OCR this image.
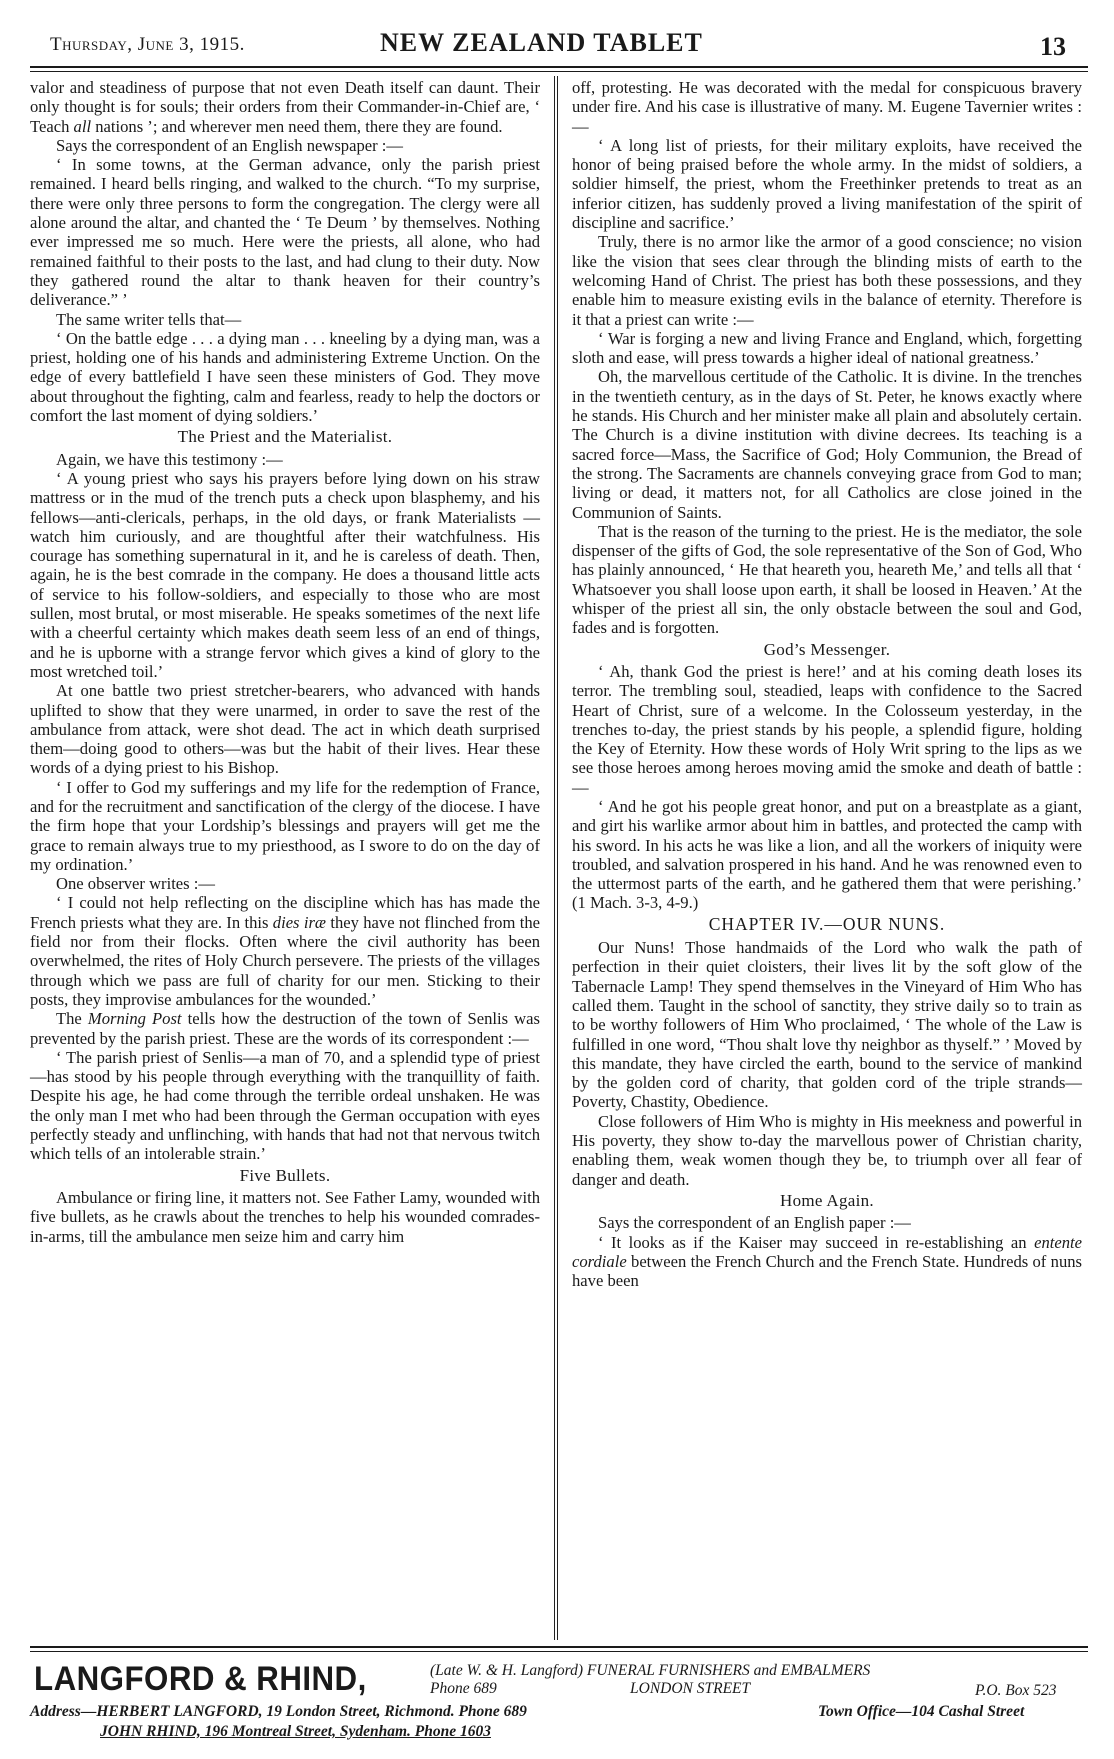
Thursday, June 3, 1915.	NEW ZEALAND TABLET	13

valor and steadiness of purpose that not even Death itself can daunt. Their only thought is for souls; their orders from their Commander-in-Chief are, ‘ Teach all nations ’; and wherever men need them, there they are found.

Says the correspondent of an English newspaper :—

‘ In some towns, at the German advance, only the parish priest remained. I heard bells ringing, and walked to the church. “To my surprise, there were only three persons to form the congregation. The clergy were all alone around the altar, and chanted the ‘ Te Deum ’ by themselves. Nothing ever impressed me so much. Here were the priests, all alone, who had remained faithful to their posts to the last, and had clung to their duty. Now they gathered round the altar to thank heaven for their country’s deliverance.” ’

The same writer tells that—

‘ On the battle edge . . . a dying man . . . kneeling by a dying man, was a priest, holding one of his hands and administering Extreme Unction. On the edge of every battlefield I have seen these ministers of God. They move about throughout the fighting, calm and fearless, ready to help the doctors or comfort the last moment of dying soldiers.’

The Priest and the Materialist.

Again, we have this testimony :—

‘ A young priest who says his prayers before lying down on his straw mattress or in the mud of the trench puts a check upon blasphemy, and his fellows—anti-clericals, perhaps, in the old days, or frank Materialists —watch him curiously, and are thoughtful after their watchfulness. His courage has something supernatural in it, and he is careless of death. Then, again, he is the best comrade in the company. He does a thousand little acts of service to his follow-soldiers, and especially to those who are most sullen, most brutal, or most miserable. He speaks sometimes of the next life with a cheerful certainty which makes death seem less of an end of things, and he is upborne with a strange fervor which gives a kind of glory to the most wretched toil.’

At one battle two priest stretcher-bearers, who advanced with hands uplifted to show that they were unarmed, in order to save the rest of the ambulance from attack, were shot dead. The act in which death surprised them—doing good to others—was but the habit of their lives. Hear these words of a dying priest to his Bishop.

‘ I offer to God my sufferings and my life for the redemption of France, and for the recruitment and sanctification of the clergy of the diocese. I have the firm hope that your Lordship’s blessings and prayers will get me the grace to remain always true to my priesthood, as I swore to do on the day of my ordination.’

One observer writes :—

‘ I could not help reflecting on the discipline which has has made the French priests what they are. In this dies iræ they have not flinched from the field nor from their flocks. Often where the civil authority has been overwhelmed, the rites of Holy Church persevere. The priests of the villages through which we pass are full of charity for our men. Sticking to their posts, they improvise ambulances for the wounded.’

The Morning Post tells how the destruction of the town of Senlis was prevented by the parish priest. These are the words of its correspondent :—

‘ The parish priest of Senlis—a man of 70, and a splendid type of priest—has stood by his people through everything with the tranquillity of faith. Despite his age, he had come through the terrible ordeal unshaken. He was the only man I met who had been through the German occupation with eyes perfectly steady and unflinching, with hands that had not that nervous twitch which tells of an intolerable strain.’

Five Bullets.

Ambulance or firing line, it matters not. See Father Lamy, wounded with five bullets, as he crawls about the trenches to help his wounded comrades-in-arms, till the ambulance men seize him and carry him

off, protesting. He was decorated with the medal for conspicuous bravery under fire. And his case is illustrative of many. M. Eugene Tavernier writes :—

‘ A long list of priests, for their military exploits, have received the honor of being praised before the whole army. In the midst of soldiers, a soldier himself, the priest, whom the Freethinker pretends to treat as an inferior citizen, has suddenly proved a living manifestation of the spirit of discipline and sacrifice.’

Truly, there is no armor like the armor of a good conscience; no vision like the vision that sees clear through the blinding mists of earth to the welcoming Hand of Christ. The priest has both these possessions, and they enable him to measure existing evils in the balance of eternity. Therefore is it that a priest can write :—

‘ War is forging a new and living France and England, which, forgetting sloth and ease, will press towards a higher ideal of national greatness.’

Oh, the marvellous certitude of the Catholic. It is divine. In the trenches in the twentieth century, as in the days of St. Peter, he knows exactly where he stands. His Church and her minister make all plain and absolutely certain. The Church is a divine institution with divine decrees. Its teaching is a sacred force—Mass, the Sacrifice of God; Holy Communion, the Bread of the strong. The Sacraments are channels conveying grace from God to man; living or dead, it matters not, for all Catholics are close joined in the Communion of Saints.

That is the reason of the turning to the priest. He is the mediator, the sole dispenser of the gifts of God, the sole representative of the Son of God, Who has plainly announced, ‘ He that heareth you, heareth Me,’ and tells all that ‘ Whatsoever you shall loose upon earth, it shall be loosed in Heaven.’ At the whisper of the priest all sin, the only obstacle between the soul and God, fades and is forgotten.

God’s Messenger.

‘ Ah, thank God the priest is here!’ and at his coming death loses its terror. The trembling soul, steadied, leaps with confidence to the Sacred Heart of Christ, sure of a welcome. In the Colosseum yesterday, in the trenches to-day, the priest stands by his people, a splendid figure, holding the Key of Eternity. How these words of Holy Writ spring to the lips as we see those heroes among heroes moving amid the smoke and death of battle :—

‘ And he got his people great honor, and put on a breastplate as a giant, and girt his warlike armor about him in battles, and protected the camp with his sword. In his acts he was like a lion, and all the workers of iniquity were troubled, and salvation prospered in his hand. And he was renowned even to the uttermost parts of the earth, and he gathered them that were perishing.’ (1 Mach. 3-3, 4-9.)

CHAPTER IV.—OUR NUNS.

Our Nuns! Those handmaids of the Lord who walk the path of perfection in their quiet cloisters, their lives lit by the soft glow of the Tabernacle Lamp! They spend themselves in the Vineyard of Him Who has called them. Taught in the school of sanctity, they strive daily so to train as to be worthy followers of Him Who proclaimed, ‘ The whole of the Law is fulfilled in one word, “Thou shalt love thy neighbor as thyself.” ’ Moved by this mandate, they have circled the earth, bound to the service of mankind by the golden cord of charity, that golden cord of the triple strands—Poverty, Chastity, Obedience.

Close followers of Him Who is mighty in His meekness and powerful in His poverty, they show to-day the marvellous power of Christian charity, enabling them, weak women though they be, to triumph over all fear of danger and death.

Home Again.

Says the correspondent of an English paper :—

‘ It looks as if the Kaiser may succeed in re-establishing an entente cordiale between the French Church and the French State. Hundreds of nuns have been

LANGFORD & RHIND,	(Late W. & H. Langford) FUNERAL FURNISHERS and EMBALMERS
Phone 689	LONDON STREET	P.O. Box 523
Address—HERBERT LANGFORD, 19 London Street, Richmond. Phone 689	Town Office—104 Cashal Street
JOHN RHIND, 196 Montreal Street, Sydenham. Phone 1603
